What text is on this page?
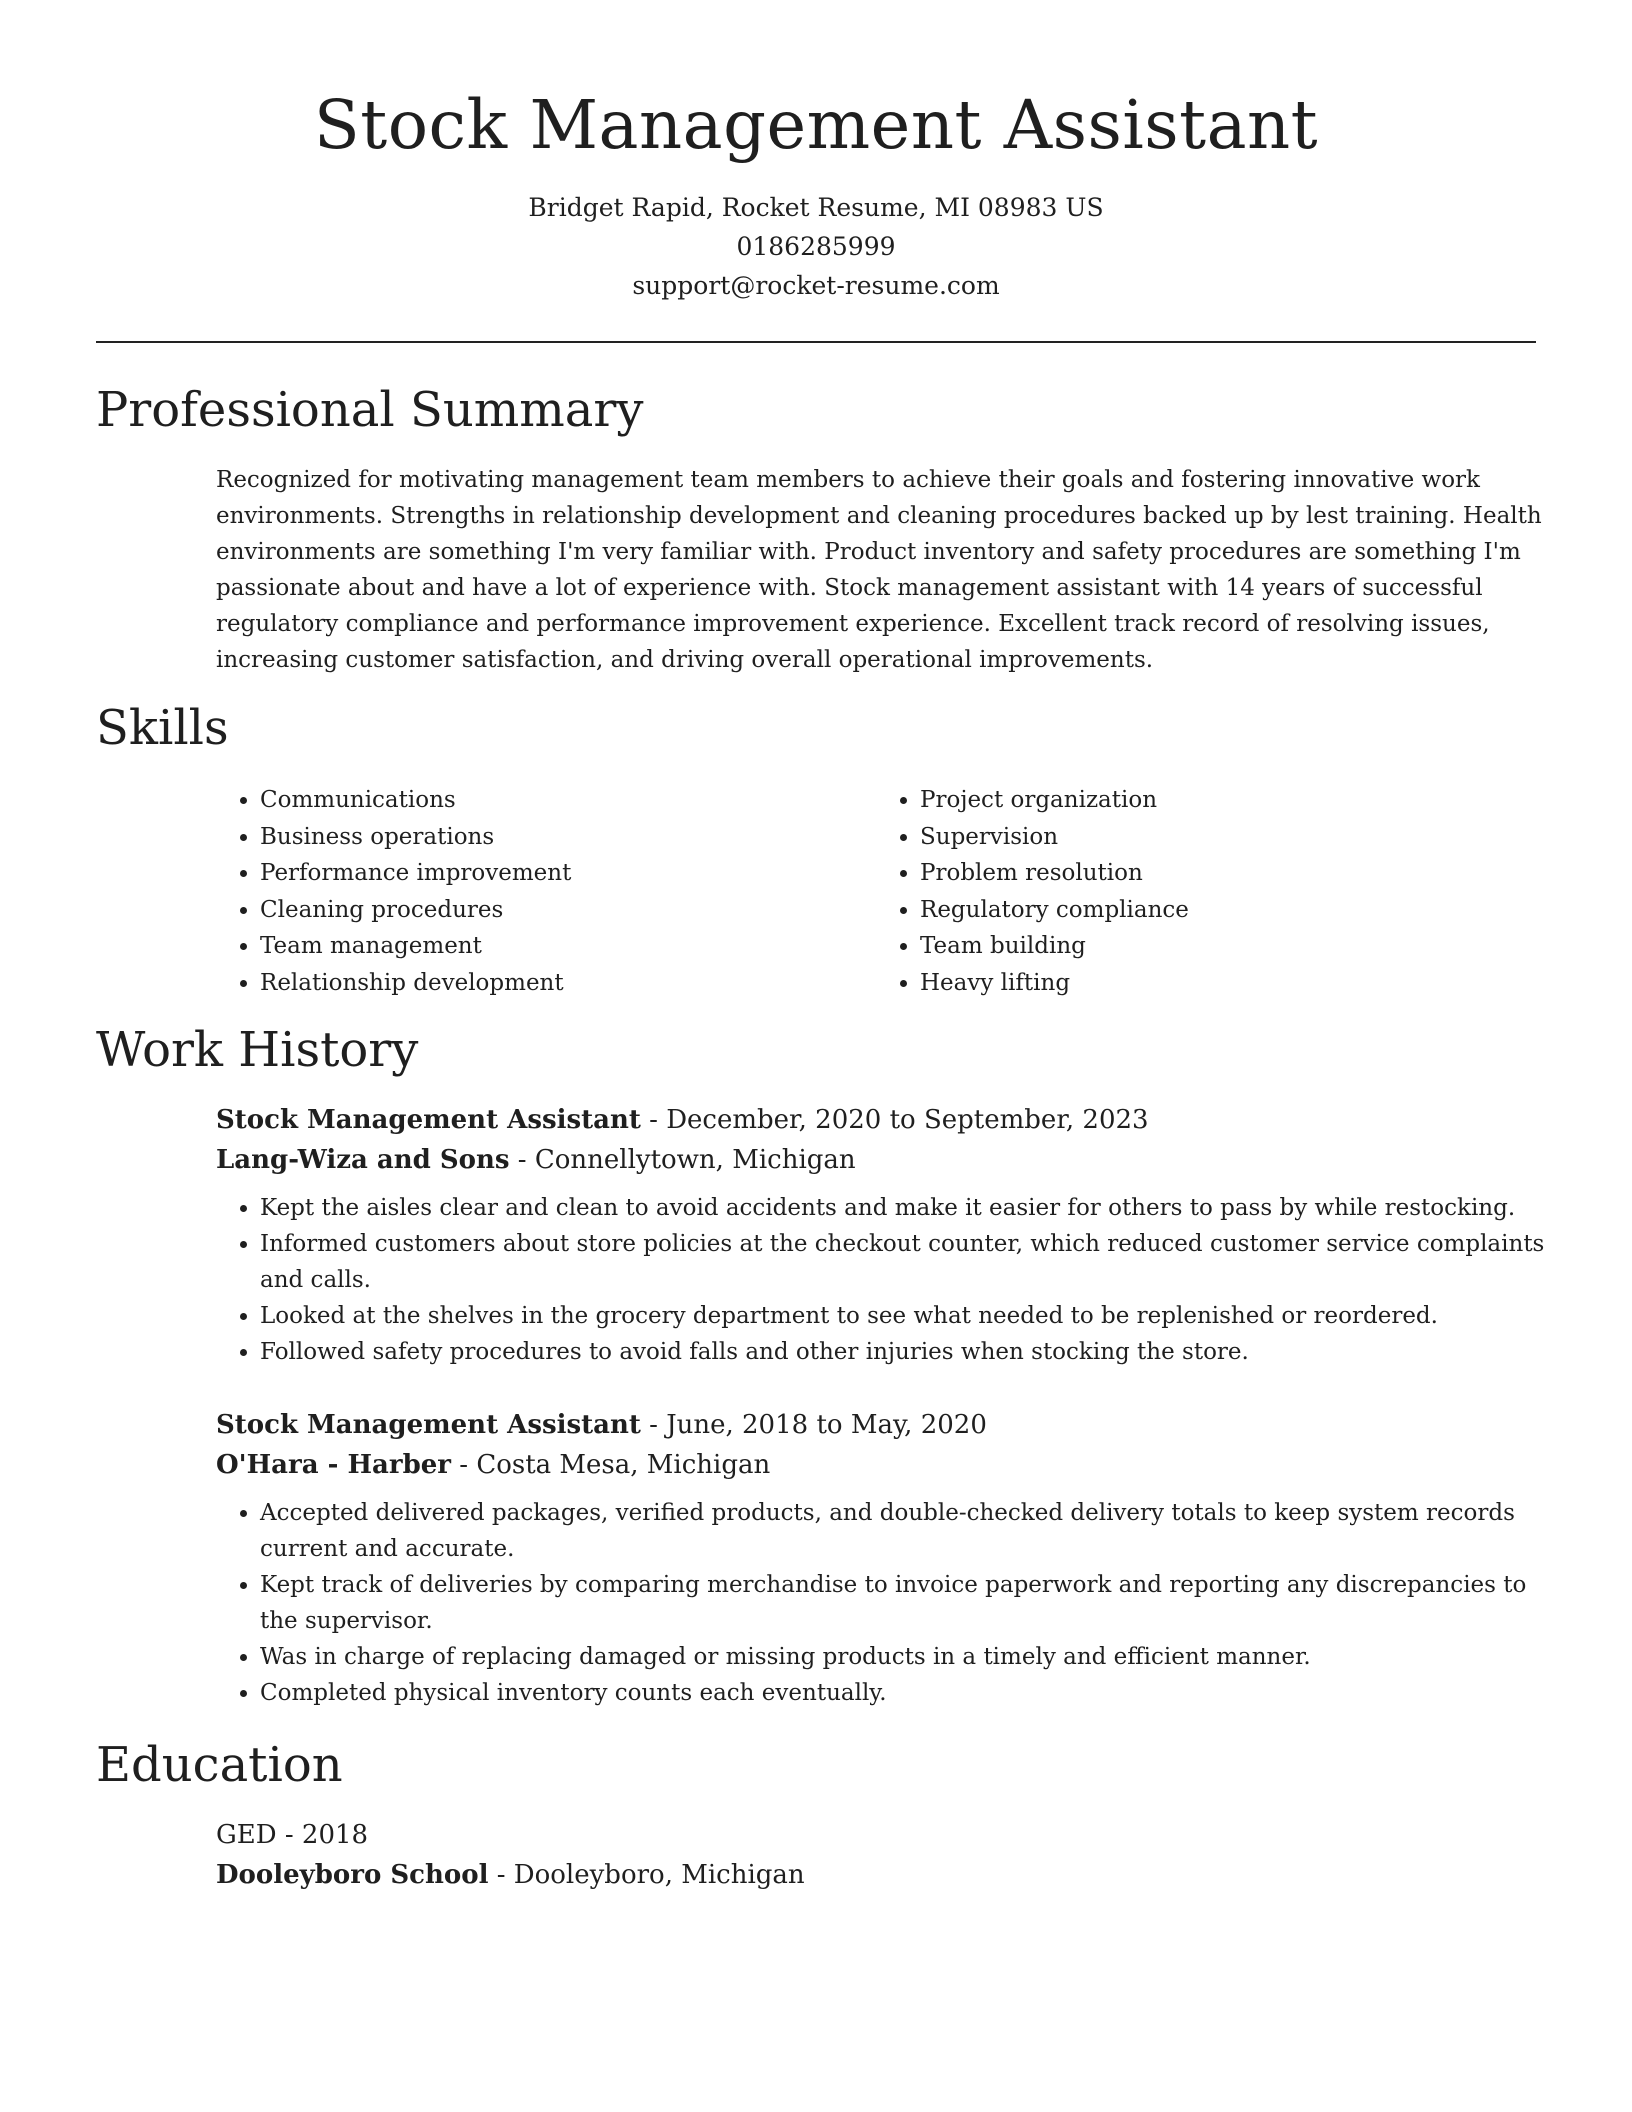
Stock Management Assistant
Bridget Rapid, Rocket Resume, MI 08983 US
0186285999
support@rocket-resume.com
Professional Summary

Recognized for motivating management team members to achieve their goals and fostering innovative work environments. Strengths in relationship development and cleaning procedures backed up by lest training. Health environments are something I'm very familiar with. Product inventory and safety procedures are something I'm passionate about and have a lot of experience with. Stock management assistant with 14 years of successful regulatory compliance and performance improvement experience. Excellent track record of resolving issues, increasing customer satisfaction, and driving overall operational improvements.

Skills
• Communications
• Business operations
• Performance improvement
• Cleaning procedures
• Team management
• Relationship development
• Project organization
• Supervision
• Problem resolution
• Regulatory compliance
• Team building
• Heavy lifting
Work History
Stock Management Assistant - December, 2020 to September, 2023
Lang-Wiza and Sons - Connellytown, Michigan
• Kept the aisles clear and clean to avoid accidents and make it easier for others to pass by while restocking.
• Informed customers about store policies at the checkout counter, which reduced customer service complaints and calls.
• Looked at the shelves in the grocery department to see what needed to be replenished or reordered.
• Followed safety procedures to avoid falls and other injuries when stocking the store.
Stock Management Assistant - June, 2018 to May, 2020
O'Hara - Harber - Costa Mesa, Michigan
• Accepted delivered packages, verified products, and double-checked delivery totals to keep system records current and accurate.
• Kept track of deliveries by comparing merchandise to invoice paperwork and reporting any discrepancies to the supervisor.
• Was in charge of replacing damaged or missing products in a timely and efficient manner.
• Completed physical inventory counts each eventually.
Education
GED - 2018
Dooleyboro School - Dooleyboro, Michigan
